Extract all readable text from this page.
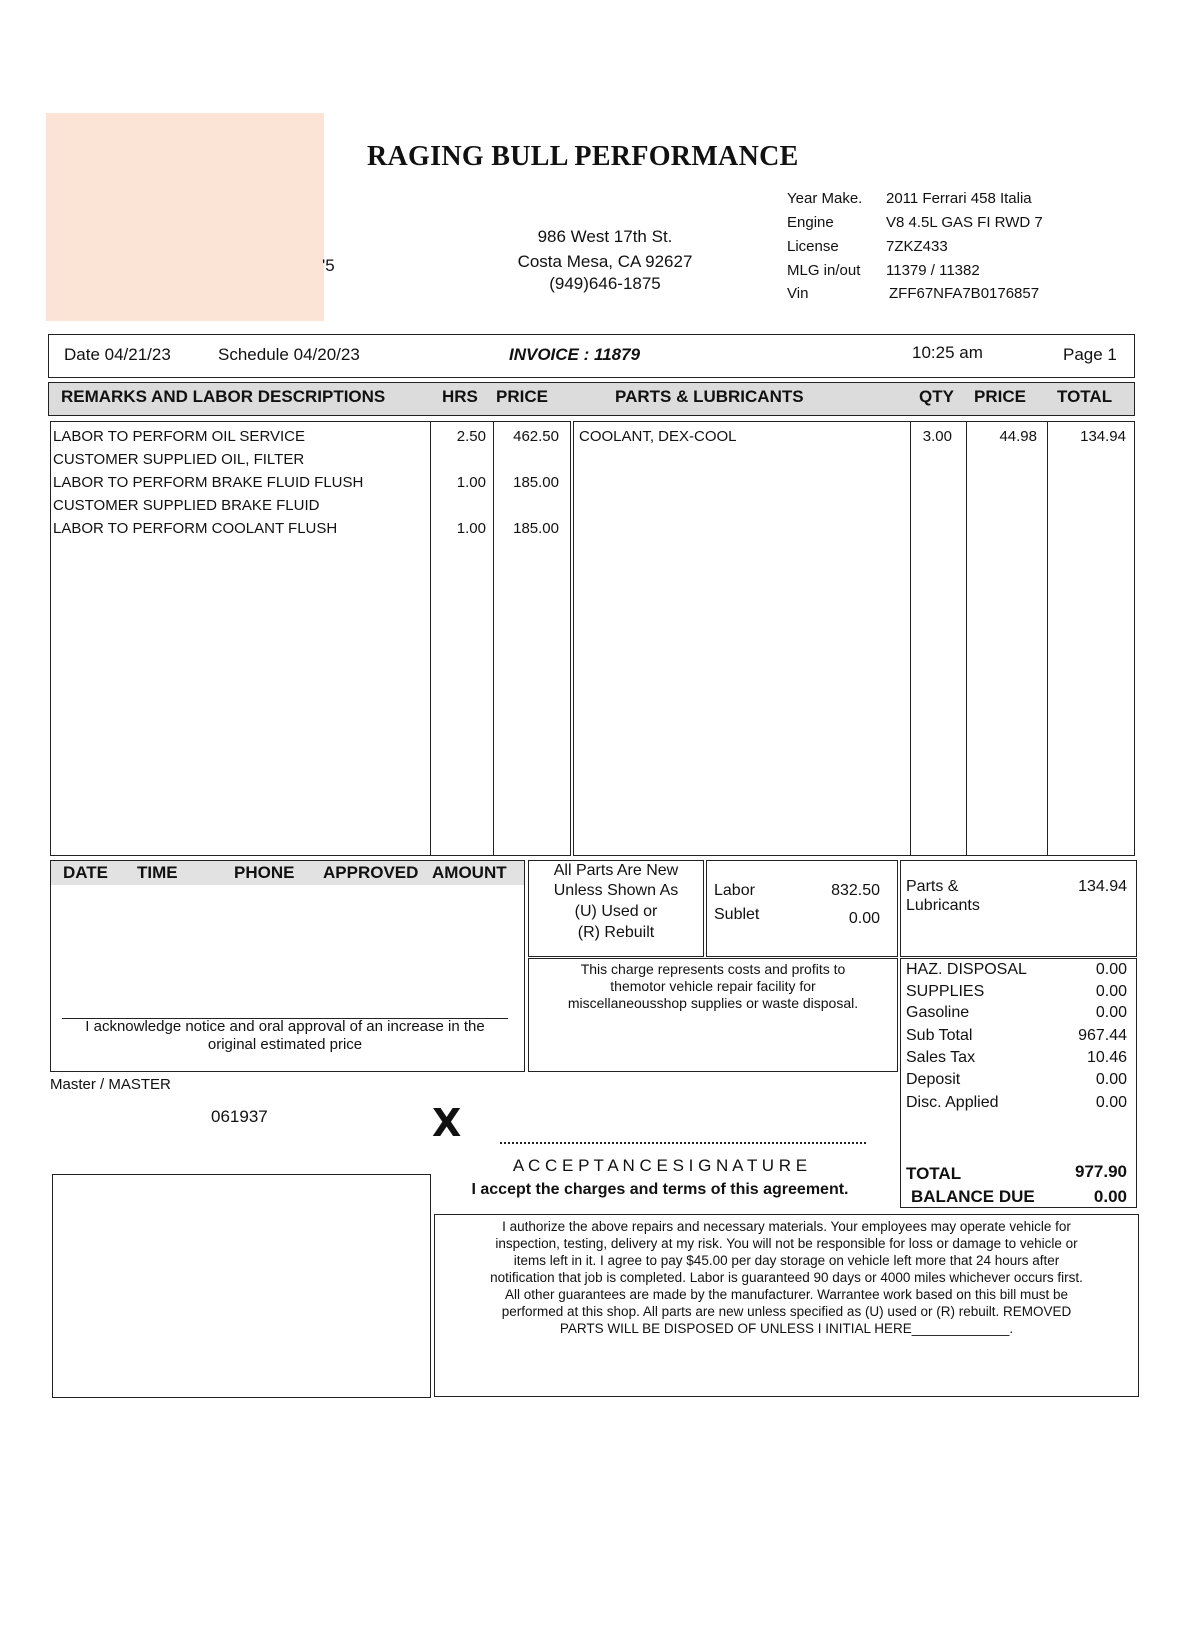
'5
RAGING BULL PERFORMANCE
986 West 17th St.
Costa Mesa, CA 92627
(949)646-1875
Year Make. 2011 Ferrari 458 Italia
Engine	V8 4.5L GAS FI RWD 7
License	7ZKZ433
MLG in/out 11379 / 11382
Vin	ZFF67NFA7B0176857
Date 04/21/23	Schedule 04/20/23	INVOICE : 11879	10:25 am	Page 1
REMARKS AND LABOR DESCRIPTIONS	HRS PRICE	PARTS & LUBRICANTS	QTY PRICE TOTAL
LABOR TO PERFORM OIL SERVICE	2.50	462.50
CUSTOMER SUPPLIED OIL, FILTER
LABOR TO PERFORM BRAKE FLUID FLUSH	1.00	185.00
CUSTOMER SUPPLIED BRAKE FLUID
LABOR TO PERFORM COOLANT FLUSH	1.00	185.00
COOLANT, DEX-COOL	3.00	44.98	134.94
DATE TIME	PHONE APPROVED AMOUNT
I acknowledge notice and oral approval of an increase in the
original estimated price
All Parts Are New
Unless Shown As
(U) Used or
(R) Rebuilt
Labor	832.50
Sublet	0.00
Parts &
Lubricants
134.94
This charge represents costs and profits to
themotor vehicle repair facility for
miscellaneousshop supplies or waste disposal.
HAZ. DISPOSAL	0.00
SUPPLIES	0.00
Gasoline	0.00
Sub Total	967.44
Sales Tax	10.46
Deposit	0.00
Disc. Applied	0.00
TOTAL	977.90
BALANCE DUE	0.00
Master / MASTER
061937	X
A C C E P T A N C E S I G N A T U R E
I accept the charges and terms of this agreement.
I authorize the above repairs and necessary materials. Your employees may operate vehicle for
inspection, testing, delivery at my risk. You will not be responsible for loss or damage to vehicle or
items left in it. I agree to pay $45.00 per day storage on vehicle left more that 24 hours after
notification that job is completed. Labor is guaranteed 90 days or 4000 miles whichever occurs first.
All other guarantees are made by the manufacturer. Warrantee work based on this bill must be
performed at this shop. All parts are new unless specified as (U) used or (R) rebuilt. REMOVED
PARTS WILL BE DISPOSED OF UNLESS I INITIAL HERE_____________.
